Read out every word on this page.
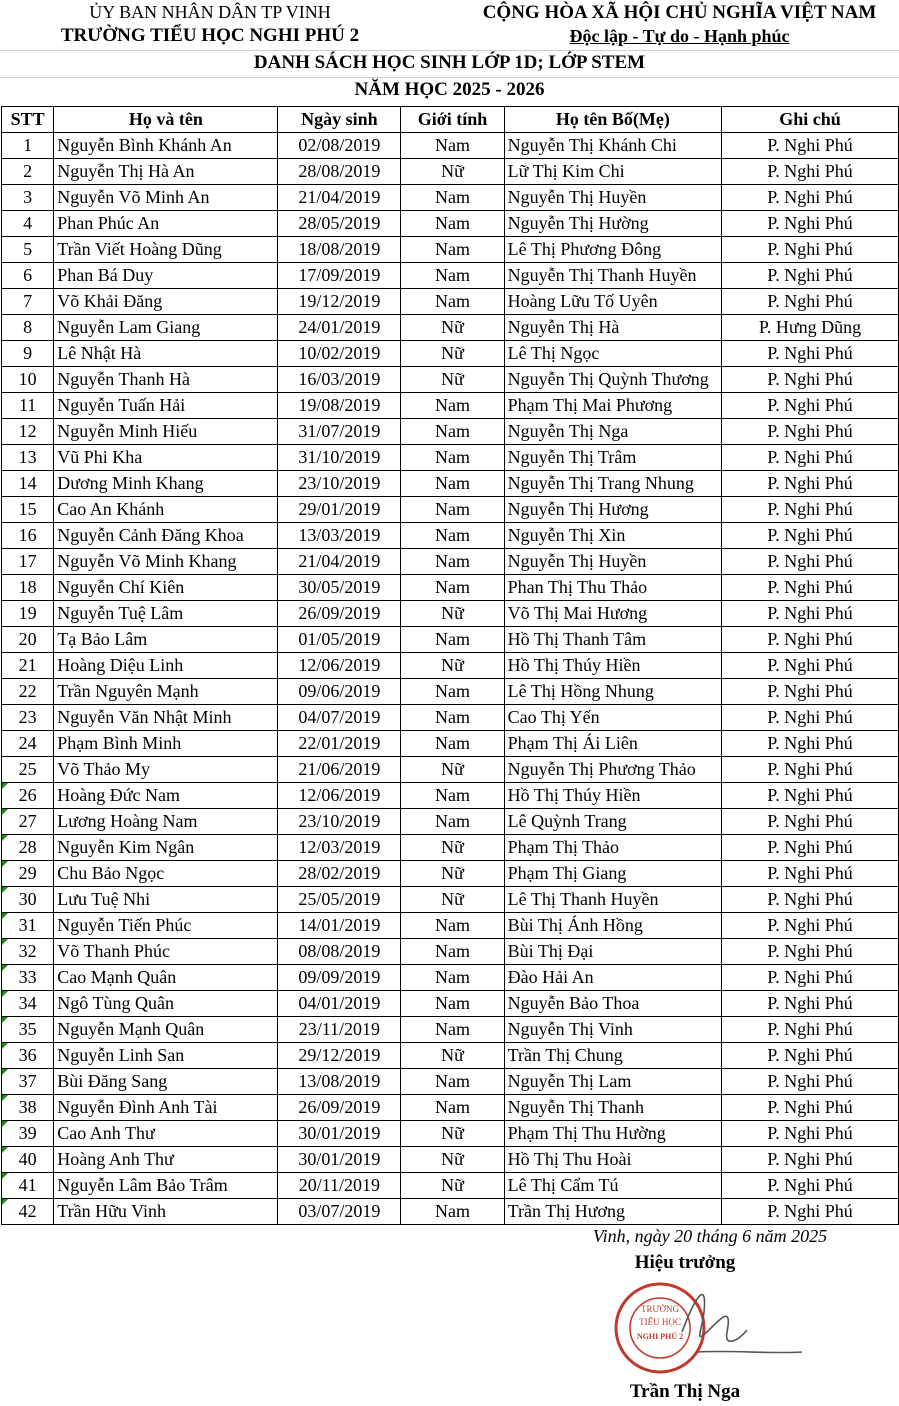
ỦY BAN NHÂN DÂN TP VINH
TRƯỜNG TIỂU HỌC NGHI PHÚ 2
CỘNG HÒA XÃ HỘI CHỦ NGHĨA VIỆT NAM
Độc lập - Tự do - Hạnh phúc
DANH SÁCH HỌC SINH LỚP 1D; LỚP STEM
NĂM HỌC 2025 - 2026
STT	Họ và tên	Ngày sinh	Giới tính	Họ tên Bố(Mẹ)	Ghi chú
1	Nguyễn Bình Khánh An	02/08/2019	Nam	Nguyễn Thị Khánh Chi	P. Nghi Phú
2	Nguyễn Thị Hà An	28/08/2019	Nữ	Lữ Thị Kim Chi	P. Nghi Phú
3	Nguyễn Võ Minh An	21/04/2019	Nam	Nguyễn Thị Huyền	P. Nghi Phú
4	Phan Phúc An	28/05/2019	Nam	Nguyễn Thị Hường	P. Nghi Phú
5	Trần Viết Hoàng Dũng	18/08/2019	Nam	Lê Thị Phương Đông	P. Nghi Phú
6	Phan Bá Duy	17/09/2019	Nam	Nguyễn Thị Thanh Huyền	P. Nghi Phú
7	Võ Khải Đăng	19/12/2019	Nam	Hoàng Lữu Tố Uyên	P. Nghi Phú
8	Nguyễn Lam Giang	24/01/2019	Nữ	Nguyễn Thị Hà	P. Hưng Dũng
9	Lê Nhật Hà	10/02/2019	Nữ	Lê Thị Ngọc	P. Nghi Phú
10	Nguyễn Thanh Hà	16/03/2019	Nữ	Nguyễn Thị Quỳnh Thương	P. Nghi Phú
11	Nguyễn Tuấn Hải	19/08/2019	Nam	Phạm Thị Mai Phương	P. Nghi Phú
12	Nguyễn Minh Hiếu	31/07/2019	Nam	Nguyễn Thị Nga	P. Nghi Phú
13	Vũ Phi Kha	31/10/2019	Nam	Nguyễn Thị Trâm	P. Nghi Phú
14	Dương Minh Khang	23/10/2019	Nam	Nguyễn Thị Trang Nhung	P. Nghi Phú
15	Cao An Khánh	29/01/2019	Nam	Nguyễn Thị Hương	P. Nghi Phú
16	Nguyễn Cảnh Đăng Khoa	13/03/2019	Nam	Nguyễn Thị Xin	P. Nghi Phú
17	Nguyễn Võ Minh Khang	21/04/2019	Nam	Nguyễn Thị Huyền	P. Nghi Phú
18	Nguyễn Chí Kiên	30/05/2019	Nam	Phan Thị Thu Thảo	P. Nghi Phú
19	Nguyễn Tuệ Lâm	26/09/2019	Nữ	Võ Thị Mai Hương	P. Nghi Phú
20	Tạ Bảo Lâm	01/05/2019	Nam	Hồ Thị Thanh Tâm	P. Nghi Phú
21	Hoàng Diệu Linh	12/06/2019	Nữ	Hồ Thị Thúy Hiền	P. Nghi Phú
22	Trần Nguyên Mạnh	09/06/2019	Nam	Lê Thị Hồng Nhung	P. Nghi Phú
23	Nguyễn Văn Nhật Minh	04/07/2019	Nam	Cao Thị Yến	P. Nghi Phú
24	Phạm Bình Minh	22/01/2019	Nam	Phạm Thị Ái Liên	P. Nghi Phú
25	Võ Thảo My	21/06/2019	Nữ	Nguyễn Thị Phương Thảo	P. Nghi Phú
26	Hoàng Đức Nam	12/06/2019	Nam	Hồ Thị Thúy Hiền	P. Nghi Phú
27	Lương Hoàng Nam	23/10/2019	Nam	Lê Quỳnh Trang	P. Nghi Phú
28	Nguyễn Kim Ngân	12/03/2019	Nữ	Phạm Thị Thảo	P. Nghi Phú
29	Chu Bảo Ngọc	28/02/2019	Nữ	Phạm Thị Giang	P. Nghi Phú
30	Lưu Tuệ Nhi	25/05/2019	Nữ	Lê Thị Thanh Huyền	P. Nghi Phú
31	Nguyễn Tiến Phúc	14/01/2019	Nam	Bùi Thị Ánh Hồng	P. Nghi Phú
32	Võ Thanh Phúc	08/08/2019	Nam	Bùi Thị Đại	P. Nghi Phú
33	Cao Mạnh Quân	09/09/2019	Nam	Đào Hải An	P. Nghi Phú
34	Ngô Tùng Quân	04/01/2019	Nam	Nguyễn Bảo Thoa	P. Nghi Phú
35	Nguyễn Mạnh Quân	23/11/2019	Nam	Nguyễn Thị Vinh	P. Nghi Phú
36	Nguyễn Linh San	29/12/2019	Nữ	Trần Thị Chung	P. Nghi Phú
37	Bùi Đăng Sang	13/08/2019	Nam	Nguyễn Thị Lam	P. Nghi Phú
38	Nguyễn Đình Anh Tài	26/09/2019	Nam	Nguyễn Thị Thanh	P. Nghi Phú
39	Cao Anh Thư	30/01/2019	Nữ	Phạm Thị Thu Hường	P. Nghi Phú
40	Hoàng Anh Thư	30/01/2019	Nữ	Hồ Thị Thu Hoài	P. Nghi Phú
41	Nguyễn Lâm Bảo Trâm	20/11/2019	Nữ	Lê Thị Cẩm Tú	P. Nghi Phú
42	Trần Hữu Vinh	03/07/2019	Nam	Trần Thị Hương	P. Nghi Phú
Vinh, ngày 20 tháng 6 năm 2025
Hiệu trưởng
TRƯỜNG
TIỂU HỌC
NGHI PHÚ 2
Trần Thị Nga
